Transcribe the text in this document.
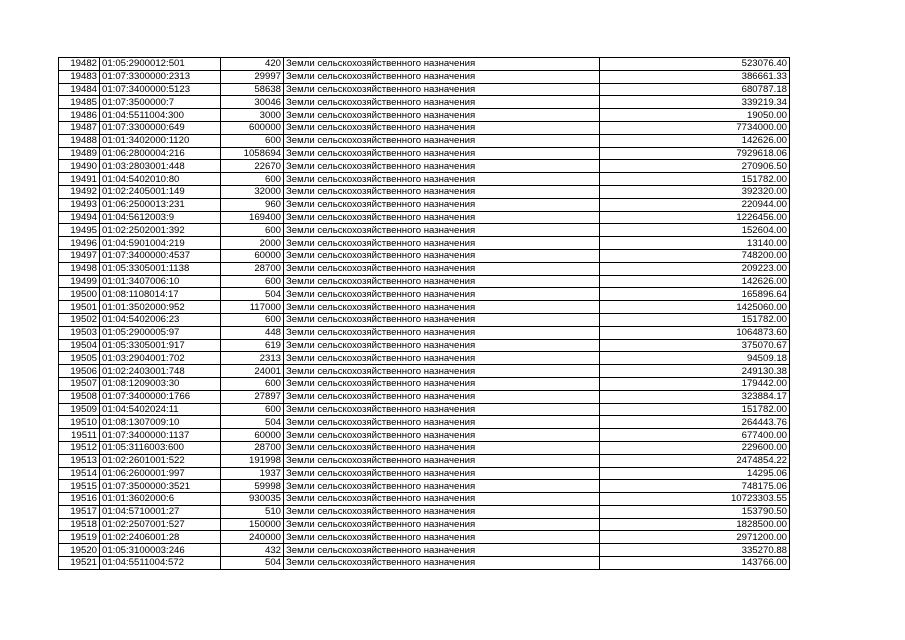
19482	01:05:2900012:501	420	Земли сельскохозяйственного назначения	523076.40
19483	01:07:3300000:2313	29997	Земли сельскохозяйственного назначения	386661.33
19484	01:07:3400000:5123	58638	Земли сельскохозяйственного назначения	680787.18
19485	01:07:3500000:7	30046	Земли сельскохозяйственного назначения	339219.34
19486	01:04:5511004:300	3000	Земли сельскохозяйственного назначения	19050.00
19487	01:07:3300000:649	600000	Земли сельскохозяйственного назначения	7734000.00
19488	01:01:3402000:1120	600	Земли сельскохозяйственного назначения	142626.00
19489	01:06:2800004:216	1058694	Земли сельскохозяйственного назначения	7929618.06
19490	01:03:2803001:448	22670	Земли сельскохозяйственного назначения	270906.50
19491	01:04:5402010:80	600	Земли сельскохозяйственного назначения	151782.00
19492	01:02:2405001:149	32000	Земли сельскохозяйственного назначения	392320.00
19493	01:06:2500013:231	960	Земли сельскохозяйственного назначения	220944.00
19494	01:04:5612003:9	169400	Земли сельскохозяйственного назначения	1226456.00
19495	01:02:2502001:392	600	Земли сельскохозяйственного назначения	152604.00
19496	01:04:5901004:219	2000	Земли сельскохозяйственного назначения	13140.00
19497	01:07:3400000:4537	60000	Земли сельскохозяйственного назначения	748200.00
19498	01:05:3305001:1138	28700	Земли сельскохозяйственного назначения	209223.00
19499	01:01:3407006:10	600	Земли сельскохозяйственного назначения	142626.00
19500	01:08:1108014:17	504	Земли сельскохозяйственного назначения	165896.64
19501	01:01:3502000:952	117000	Земли сельскохозяйственного назначения	1425060.00
19502	01:04:5402006:23	600	Земли сельскохозяйственного назначения	151782.00
19503	01:05:2900005:97	448	Земли сельскохозяйственного назначения	1064873.60
19504	01:05:3305001:917	619	Земли сельскохозяйственного назначения	375070.67
19505	01:03:2904001:702	2313	Земли сельскохозяйственного назначения	94509.18
19506	01:02:2403001:748	24001	Земли сельскохозяйственного назначения	249130.38
19507	01:08:1209003:30	600	Земли сельскохозяйственного назначения	179442.00
19508	01:07:3400000:1766	27897	Земли сельскохозяйственного назначения	323884.17
19509	01:04:5402024:11	600	Земли сельскохозяйственного назначения	151782.00
19510	01:08:1307009:10	504	Земли сельскохозяйственного назначения	264443.76
19511	01:07:3400000:1137	60000	Земли сельскохозяйственного назначения	677400.00
19512	01:05:3116003:600	28700	Земли сельскохозяйственного назначения	229600.00
19513	01:02:2601001:522	191998	Земли сельскохозяйственного назначения	2474854.22
19514	01:06:2600001:997	1937	Земли сельскохозяйственного назначения	14295.06
19515	01:07:3500000:3521	59998	Земли сельскохозяйственного назначения	748175.06
19516	01:01:3602000:6	930035	Земли сельскохозяйственного назначения	10723303.55
19517	01:04:5710001:27	510	Земли сельскохозяйственного назначения	153790.50
19518	01:02:2507001:527	150000	Земли сельскохозяйственного назначения	1828500.00
19519	01:02:2406001:28	240000	Земли сельскохозяйственного назначения	2971200.00
19520	01:05:3100003:246	432	Земли сельскохозяйственного назначения	335270.88
19521	01:04:5511004:572	504	Земли сельскохозяйственного назначения	143766.00
